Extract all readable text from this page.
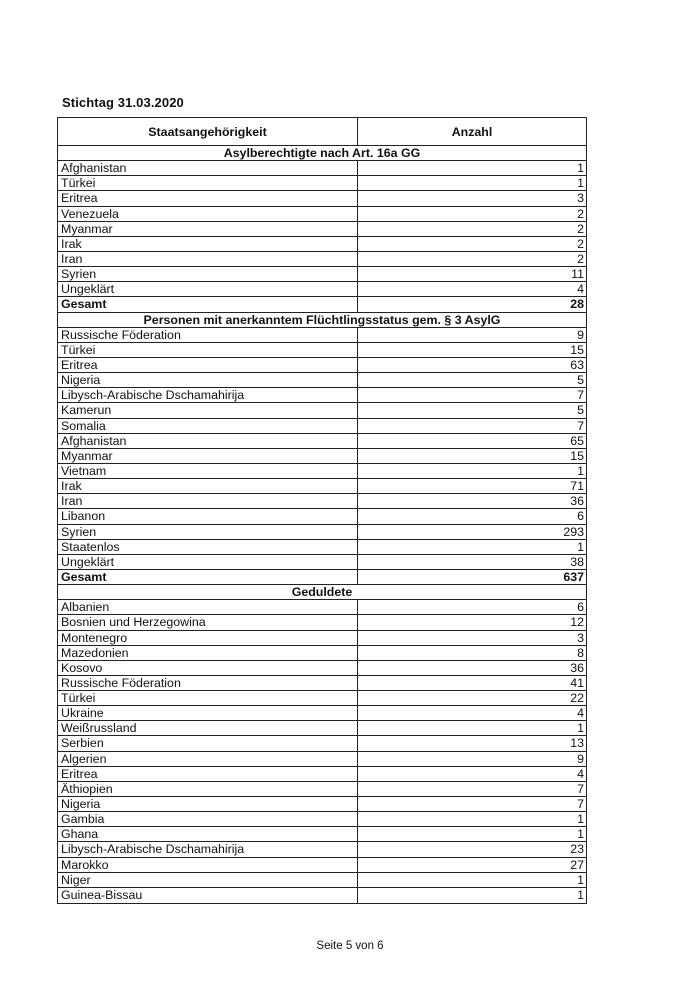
Stichtag 31.03.2020
Staatsangehörigkeit	Anzahl
Asylberechtigte nach Art. 16a GG
Afghanistan	1
Türkei	1
Eritrea	3
Venezuela	2
Myanmar	2
Irak	2
Iran	2
Syrien	11
Ungeklärt	4
Gesamt	28
Personen mit anerkanntem Flüchtlingsstatus gem. § 3 AsylG
Russische Föderation	9
Türkei	15
Eritrea	63
Nigeria	5
Libysch-Arabische Dschamahirija	7
Kamerun	5
Somalia	7
Afghanistan	65
Myanmar	15
Vietnam	1
Irak	71
Iran	36
Libanon	6
Syrien	293
Staatenlos	1
Ungeklärt	38
Gesamt	637
Geduldete
Albanien	6
Bosnien und Herzegowina	12
Montenegro	3
Mazedonien	8
Kosovo	36
Russische Föderation	41
Türkei	22
Ukraine	4
Weißrussland	1
Serbien	13
Algerien	9
Eritrea	4
Äthiopien	7
Nigeria	7
Gambia	1
Ghana	1
Libysch-Arabische Dschamahirija	23
Marokko	27
Niger	1
Guinea-Bissau	1
Seite 5 von 6
